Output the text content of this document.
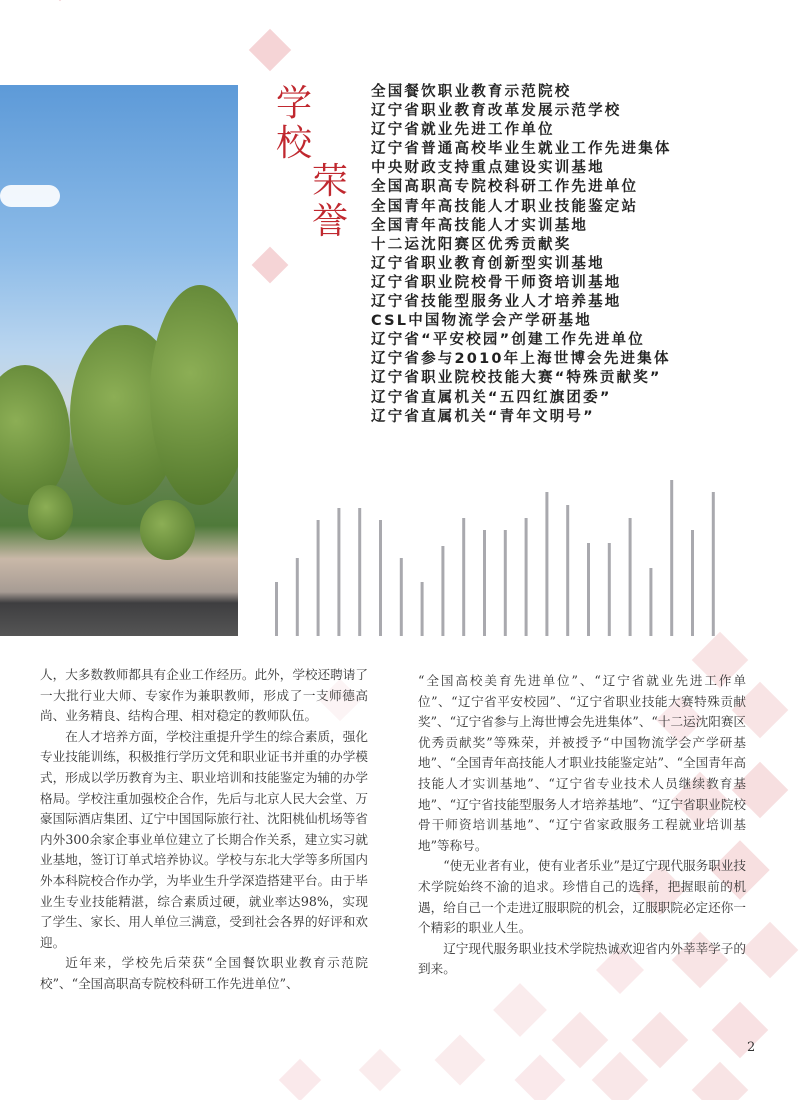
学校
荣誉
全国餐饮职业教育示范院校
辽宁省职业教育改革发展示范学校
辽宁省就业先进工作单位
辽宁省普通高校毕业生就业工作先进集体
中央财政支持重点建设实训基地
全国高职高专院校科研工作先进单位
全国青年高技能人才职业技能鉴定站
全国青年高技能人才实训基地
十二运沈阳赛区优秀贡献奖
辽宁省职业教育创新型实训基地
辽宁省职业院校骨干师资培训基地
辽宁省技能型服务业人才培养基地
CSL中国物流学会产学研基地
辽宁省“平安校园”创建工作先进单位
辽宁省参与2010年上海世博会先进集体
辽宁省职业院校技能大赛“特殊贡献奖”
辽宁省直属机关“五四红旗团委”
辽宁省直属机关“青年文明号”

人，大多数教师都具有企业工作经历。此外，学校还聘请了一大批行业大师、专家作为兼职教师，形成了一支师德高尚、业务精良、结构合理、相对稳定的教师队伍。

在人才培养方面，学校注重提升学生的综合素质，强化专业技能训练，积极推行学历文凭和职业证书并重的办学模式，形成以学历教育为主、职业培训和技能鉴定为辅的办学格局。学校注重加强校企合作，先后与北京人民大会堂、万豪国际酒店集团、辽宁中国国际旅行社、沈阳桃仙机场等省内外300余家企事业单位建立了长期合作关系，建立实习就业基地，签订订单式培养协议。学校与东北大学等多所国内外本科院校合作办学，为毕业生升学深造搭建平台。由于毕业生专业技能精湛，综合素质过硬，就业率达98%，实现了学生、家长、用人单位三满意，受到社会各界的好评和欢迎。

近年来，学校先后荣获“全国餐饮职业教育示范院校”、“全国高职高专院校科研工作先进单位”、

“全国高校美育先进单位”、“辽宁省就业先进工作单位”、“辽宁省平安校园”、“辽宁省职业技能大赛特殊贡献奖”、“辽宁省参与上海世博会先进集体”、“十二运沈阳赛区优秀贡献奖”等殊荣，并被授予“中国物流学会产学研基地”、“全国青年高技能人才职业技能鉴定站”、“全国青年高技能人才实训基地”、“辽宁省专业技术人员继续教育基地”、“辽宁省技能型服务人才培养基地”、“辽宁省职业院校骨干师资培训基地”、“辽宁省家政服务工程就业培训基地”等称号。

“使无业者有业，使有业者乐业”是辽宁现代服务职业技术学院始终不渝的追求。珍惜自己的选择，把握眼前的机遇，给自己一个走进辽服职院的机会，辽服职院必定还你一个精彩的职业人生。

辽宁现代服务职业技术学院热诚欢迎省内外莘莘学子的到来。

2
